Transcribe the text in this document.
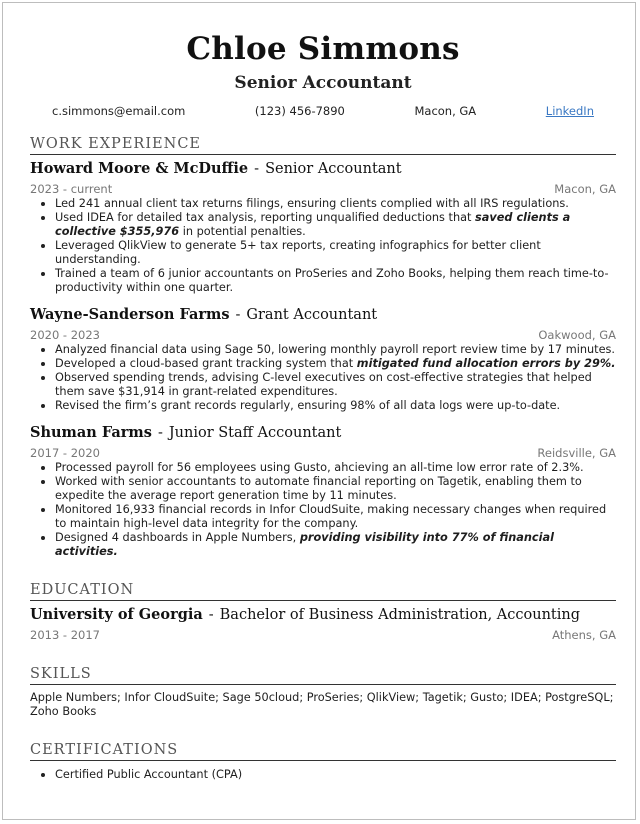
Chloe Simmons
Senior Accountant
c.simmons@email.com	(123) 456-7890	Macon, GA	LinkedIn
WORK EXPERIENCE
Howard Moore & McDuffie - Senior Accountant
2023 - current	Macon, GA
Led 241 annual client tax returns filings, ensuring clients complied with all IRS regulations.
Used IDEA for detailed tax analysis, reporting unqualified deductions that saved clients a collective $355,976 in potential penalties.
Leveraged QlikView to generate 5+ tax reports, creating infographics for better client understanding.
Trained a team of 6 junior accountants on ProSeries and Zoho Books, helping them reach time-to-productivity within one quarter.
Wayne-Sanderson Farms - Grant Accountant
2020 - 2023	Oakwood, GA
Analyzed financial data using Sage 50, lowering monthly payroll report review time by 17 minutes.
Developed a cloud-based grant tracking system that mitigated fund allocation errors by 29%.
Observed spending trends, advising C-level executives on cost-effective strategies that helped them save $31,914 in grant-related expenditures.
Revised the firm’s grant records regularly, ensuring 98% of all data logs were up-to-date.
Shuman Farms - Junior Staff Accountant
2017 - 2020	Reidsville, GA
Processed payroll for 56 employees using Gusto, ahcieving an all-time low error rate of 2.3%.
Worked with senior accountants to automate financial reporting on Tagetik, enabling them to expedite the average report generation time by 11 minutes.
Monitored 16,933 financial records in Infor CloudSuite, making necessary changes when required to maintain high-level data integrity for the company.
Designed 4 dashboards in Apple Numbers, providing visibility into 77% of financial activities.
EDUCATION
University of Georgia - Bachelor of Business Administration, Accounting
2013 - 2017	Athens, GA
SKILLS
Apple Numbers; Infor CloudSuite; Sage 50cloud; ProSeries; QlikView; Tagetik; Gusto; IDEA; PostgreSQL; Zoho Books
CERTIFICATIONS
Certified Public Accountant (CPA)
